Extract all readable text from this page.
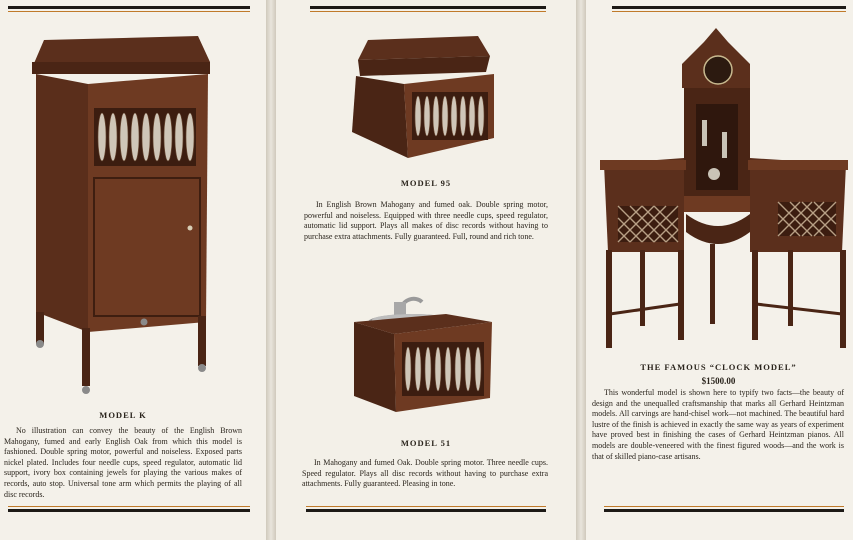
MODEL K

No illustration can convey the beauty of the English Brown Mahogany, fumed and early English Oak from which this model is fashioned. Double spring motor, powerful and noiseless. Exposed parts nickel plated. Includes four needle cups, speed regulator, automatic lid support, ivory box containing jewels for playing the various makes of records, auto stop. Universal tone arm which permits the playing of all disc records.

MODEL 95

In English Brown Mahogany and fumed oak. Double spring motor, powerful and noiseless. Equipped with three needle cups, speed regulator, automatic lid support. Plays all makes of disc records without having to purchase extra attachments. Fully guaranteed. Full, round and rich tone.

MODEL 51

In Mahogany and fumed Oak. Double spring motor. Three needle cups. Speed regulator. Plays all disc records without having to purchase extra attachments. Fully guaranteed. Pleasing in tone.

THE FAMOUS “CLOCK MODEL”
$1500.00

This wonderful model is shown here to typify two facts—the beauty of design and the unequalled craftsmanship that marks all Gerhard Heintzman models. All carvings are hand-chisel work—not machined. The beautiful hard lustre of the finish is achieved in exactly the same way as years of experiment have proved best in finishing the cases of Gerhard Heintzman pianos. All models are double-veneered with the finest figured woods—and the work is that of skilled piano-case artisans.
